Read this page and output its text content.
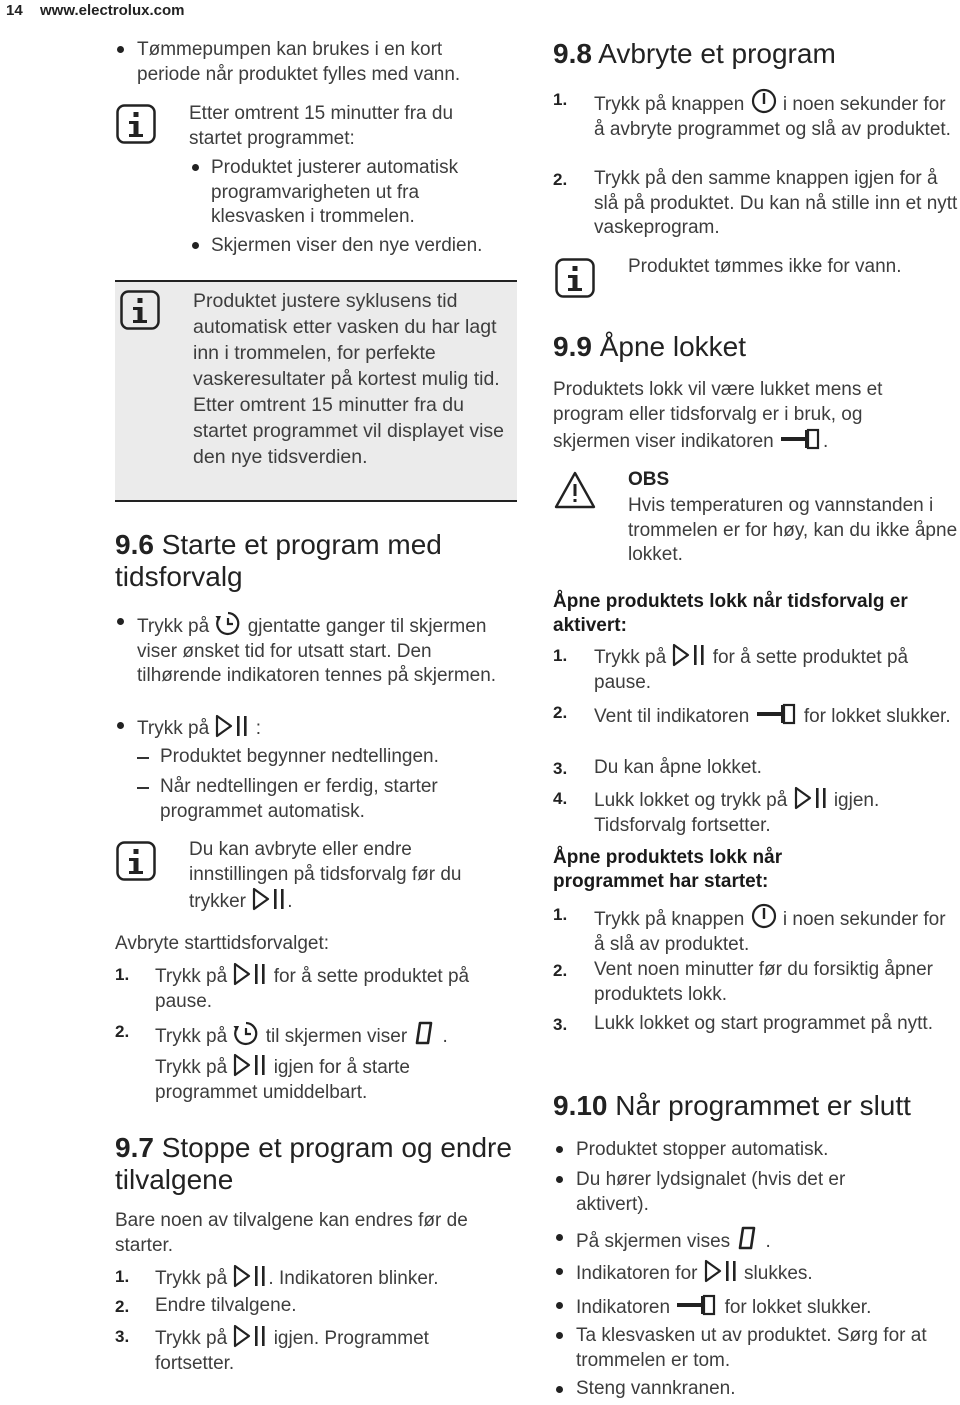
14 www.electrolux.com
Tømmepumpen kan brukes i en kort periode når produktet fylles med vann.
Etter omtrent 15 minutter fra du startet programmet:
Produktet justerer automatisk programvarigheten ut fra klesvasken i trommelen.
Skjermen viser den nye verdien.
Produktet justere syklusens tid automatisk etter vasken du har lagt inn i trommelen, for perfekte vaskeresultater på kortest mulig tid. Etter omtrent 15 minutter fra du startet programmet vil displayet vise den nye tidsverdien.
9.6 Starte et program med tidsforvalg
Trykk på gjentatte ganger til skjermen viser ønsket tid for utsatt start. Den tilhørende indikatoren tennes på skjermen.
Trykk på :
Produktet begynner nedtellingen.
Når nedtellingen er ferdig, starter programmet automatisk.
Du kan avbryte eller endre innstillingen på tidsforvalg før du trykker .
Avbryte starttidsforvalget:
1. Trykk på for å sette produktet på pause.
2. Trykk på til skjermen viser .
Trykk på igjen for å starte programmet umiddelbart.
9.7 Stoppe et program og endre tilvalgene
Bare noen av tilvalgene kan endres før de starter.
1. Trykk på . Indikatoren blinker.
2. Endre tilvalgene.
3. Trykk på igjen. Programmet fortsetter.
9.8 Avbryte et program
1. Trykk på knappen i noen sekunder for å avbryte programmet og slå av produktet.
2. Trykk på den samme knappen igjen for å slå på produktet. Du kan nå stille inn et nytt vaskeprogram.
Produktet tømmes ikke for vann.
9.9 Åpne lokket
Produktets lokk vil være lukket mens et program eller tidsforvalg er i bruk, og skjermen viser indikatoren	.
OBS
Hvis temperaturen og vannstanden i trommelen er for høy, kan du ikke åpne lokket.
Åpne produktets lokk når tidsforvalg er aktivert:
1. Trykk på for å sette produktet på pause.
2. Vent til indikatoren	for lokket slukker.
3. Du kan åpne lokket.
4. Lukk lokket og trykk på igjen. Tidsforvalg fortsetter.
Åpne produktets lokk når programmet har startet:
1. Trykk på knappen i noen sekunder for å slå av produktet.
2. Vent noen minutter før du forsiktig åpner produktets lokk.
3. Lukk lokket og start programmet på nytt.
9.10 Når programmet er slutt
Produktet stopper automatisk.
Du hører lydsignalet (hvis det er aktivert).
På skjermen vises .
Indikatoren for slukkes.
Indikatoren	for lokket slukker.
Ta klesvasken ut av produktet. Sørg for at trommelen er tom.
Steng vannkranen.
